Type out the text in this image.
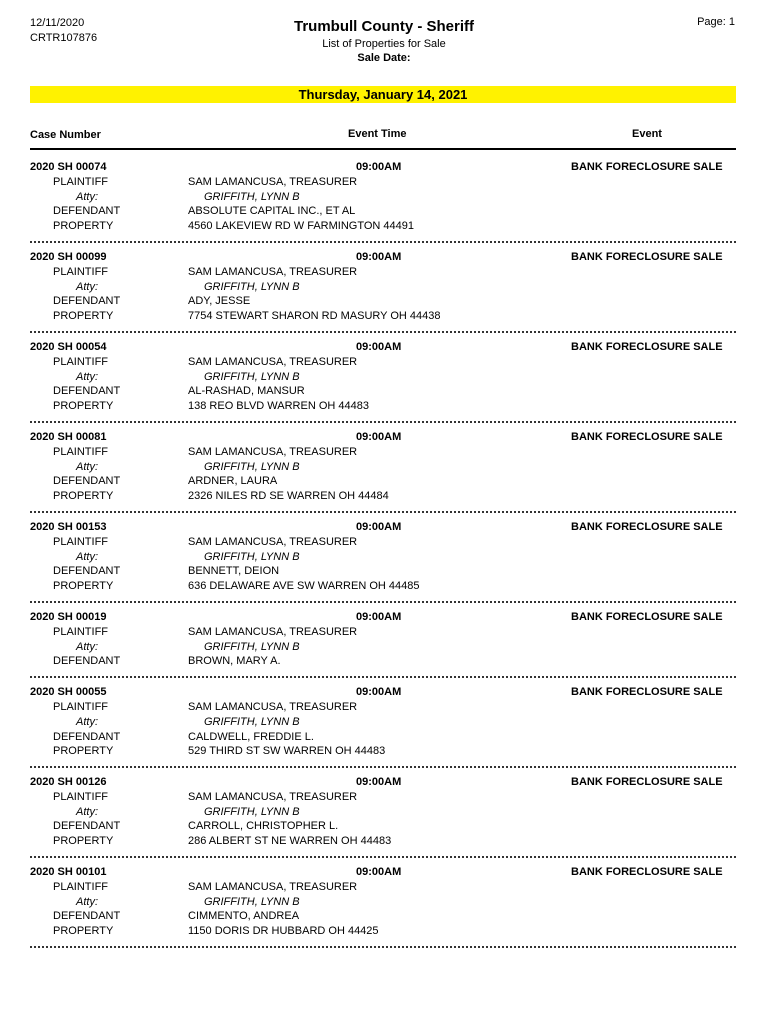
12/11/2020
CRTR107876
Trumbull County - Sheriff
List of Properties for Sale
Sale Date:
Page: 1
Thursday, January 14, 2021
Case Number	Event Time	Event
2020 SH 00074	09:00AM	BANK FORECLOSURE SALE
PLAINTIFF	SAM LAMANCUSA, TREASURER
Atty:	GRIFFITH, LYNN B
DEFENDANT	ABSOLUTE CAPITAL INC., ET AL
PROPERTY	4560 LAKEVIEW RD W FARMINGTON 44491
2020 SH 00099	09:00AM	BANK FORECLOSURE SALE
PLAINTIFF	SAM LAMANCUSA, TREASURER
Atty:	GRIFFITH, LYNN B
DEFENDANT	ADY, JESSE
PROPERTY	7754 STEWART SHARON RD MASURY OH 44438
2020 SH 00054	09:00AM	BANK FORECLOSURE SALE
PLAINTIFF	SAM LAMANCUSA, TREASURER
Atty:	GRIFFITH, LYNN B
DEFENDANT	AL-RASHAD, MANSUR
PROPERTY	138 REO BLVD WARREN OH 44483
2020 SH 00081	09:00AM	BANK FORECLOSURE SALE
PLAINTIFF	SAM LAMANCUSA, TREASURER
Atty:	GRIFFITH, LYNN B
DEFENDANT	ARDNER, LAURA
PROPERTY	2326 NILES RD SE WARREN OH 44484
2020 SH 00153	09:00AM	BANK FORECLOSURE SALE
PLAINTIFF	SAM LAMANCUSA, TREASURER
Atty:	GRIFFITH, LYNN B
DEFENDANT	BENNETT, DEION
PROPERTY	636 DELAWARE AVE SW WARREN OH 44485
2020 SH 00019	09:00AM	BANK FORECLOSURE SALE
PLAINTIFF	SAM LAMANCUSA, TREASURER
Atty:	GRIFFITH, LYNN B
DEFENDANT	BROWN, MARY A.
2020 SH 00055	09:00AM	BANK FORECLOSURE SALE
PLAINTIFF	SAM LAMANCUSA, TREASURER
Atty:	GRIFFITH, LYNN B
DEFENDANT	CALDWELL, FREDDIE L.
PROPERTY	529 THIRD ST SW WARREN OH 44483
2020 SH 00126	09:00AM	BANK FORECLOSURE SALE
PLAINTIFF	SAM LAMANCUSA, TREASURER
Atty:	GRIFFITH, LYNN B
DEFENDANT	CARROLL, CHRISTOPHER L.
PROPERTY	286 ALBERT ST NE WARREN OH 44483
2020 SH 00101	09:00AM	BANK FORECLOSURE SALE
PLAINTIFF	SAM LAMANCUSA, TREASURER
Atty:	GRIFFITH, LYNN B
DEFENDANT	CIMMENTO, ANDREA
PROPERTY	1150 DORIS DR HUBBARD OH 44425
